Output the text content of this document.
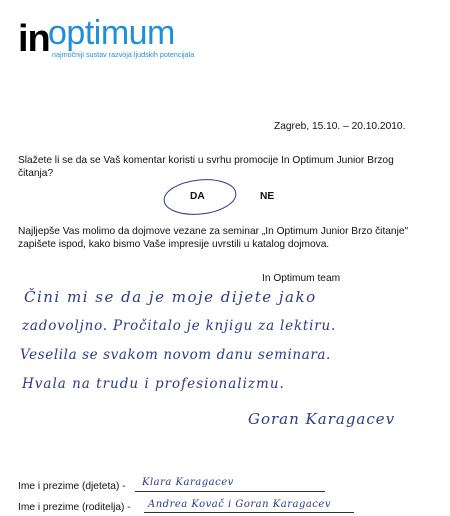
optimum
in najmočniji sustav razvoja ljudskih potencijala
Zagreb, 15.10. – 20.10.2010.
Slažete li se da se Vaš komentar koristi u svrhu promocije In Optimum Junior Brzog
čitanja?
DA	NE
Najljepše Vas molimo da dojmove vezane za seminar „In Optimum Junior Brzo čitanje"
zapišete ispod, kako bismo Vaše impresije uvrstili u katalog dojmova.
In Optimum team
Čini mi se da je moje dijete jako
zadovoljno. Pročitalo je knjigu za lektiru.
Veselila se svakom novom danu seminara.
Hvala na trudu i profesionalizmu.
Goran Karagacev
Ime i prezime (djeteta) - Klara Karagacev
Ime i prezime (roditelja) - Andrea Kovač i Goran Karagacev
